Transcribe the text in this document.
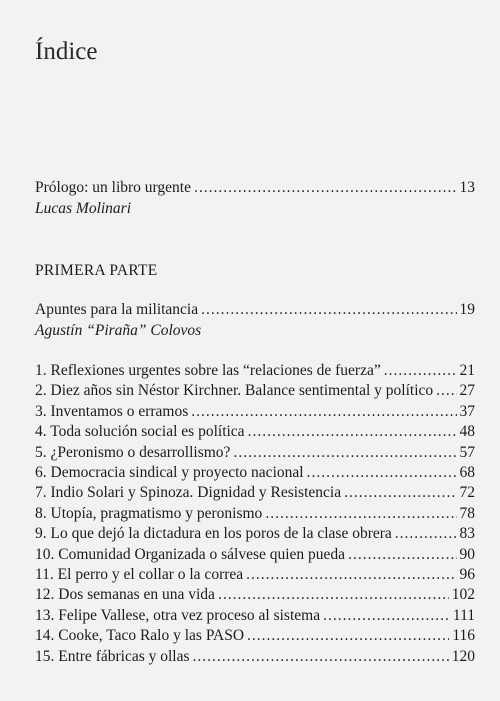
Índice
Prólogo: un libro urgente .....	13
Lucas Molinari
PRIMERA PARTE
Apuntes para la militancia .....	19
Agustín “Piraña” Colovos
1. Reflexiones urgentes sobre las “relaciones de fuerza” .....	21
2. Diez años sin Néstor Kirchner. Balance sentimental y político ..... 27
3. Inventamos o erramos .....	37
4. Toda solución social es política .....	48
5. ¿Peronismo o desarrollismo? .....	57
6. Democracia sindical y proyecto nacional .....	68
7. Indio Solari y Spinoza. Dignidad y Resistencia .....	72
8. Utopía, pragmatismo y peronismo .....	78
9. Lo que dejó la dictadura en los poros de la clase obrera .....	83
10. Comunidad Organizada o sálvese quien pueda .....	90
11. El perro y el collar o la correa .....	96
12. Dos semanas en una vida .....	102
13. Felipe Vallese, otra vez proceso al sistema .....	111
14. Cooke, Taco Ralo y las PASO .....	116
15. Entre fábricas y ollas .....	120
